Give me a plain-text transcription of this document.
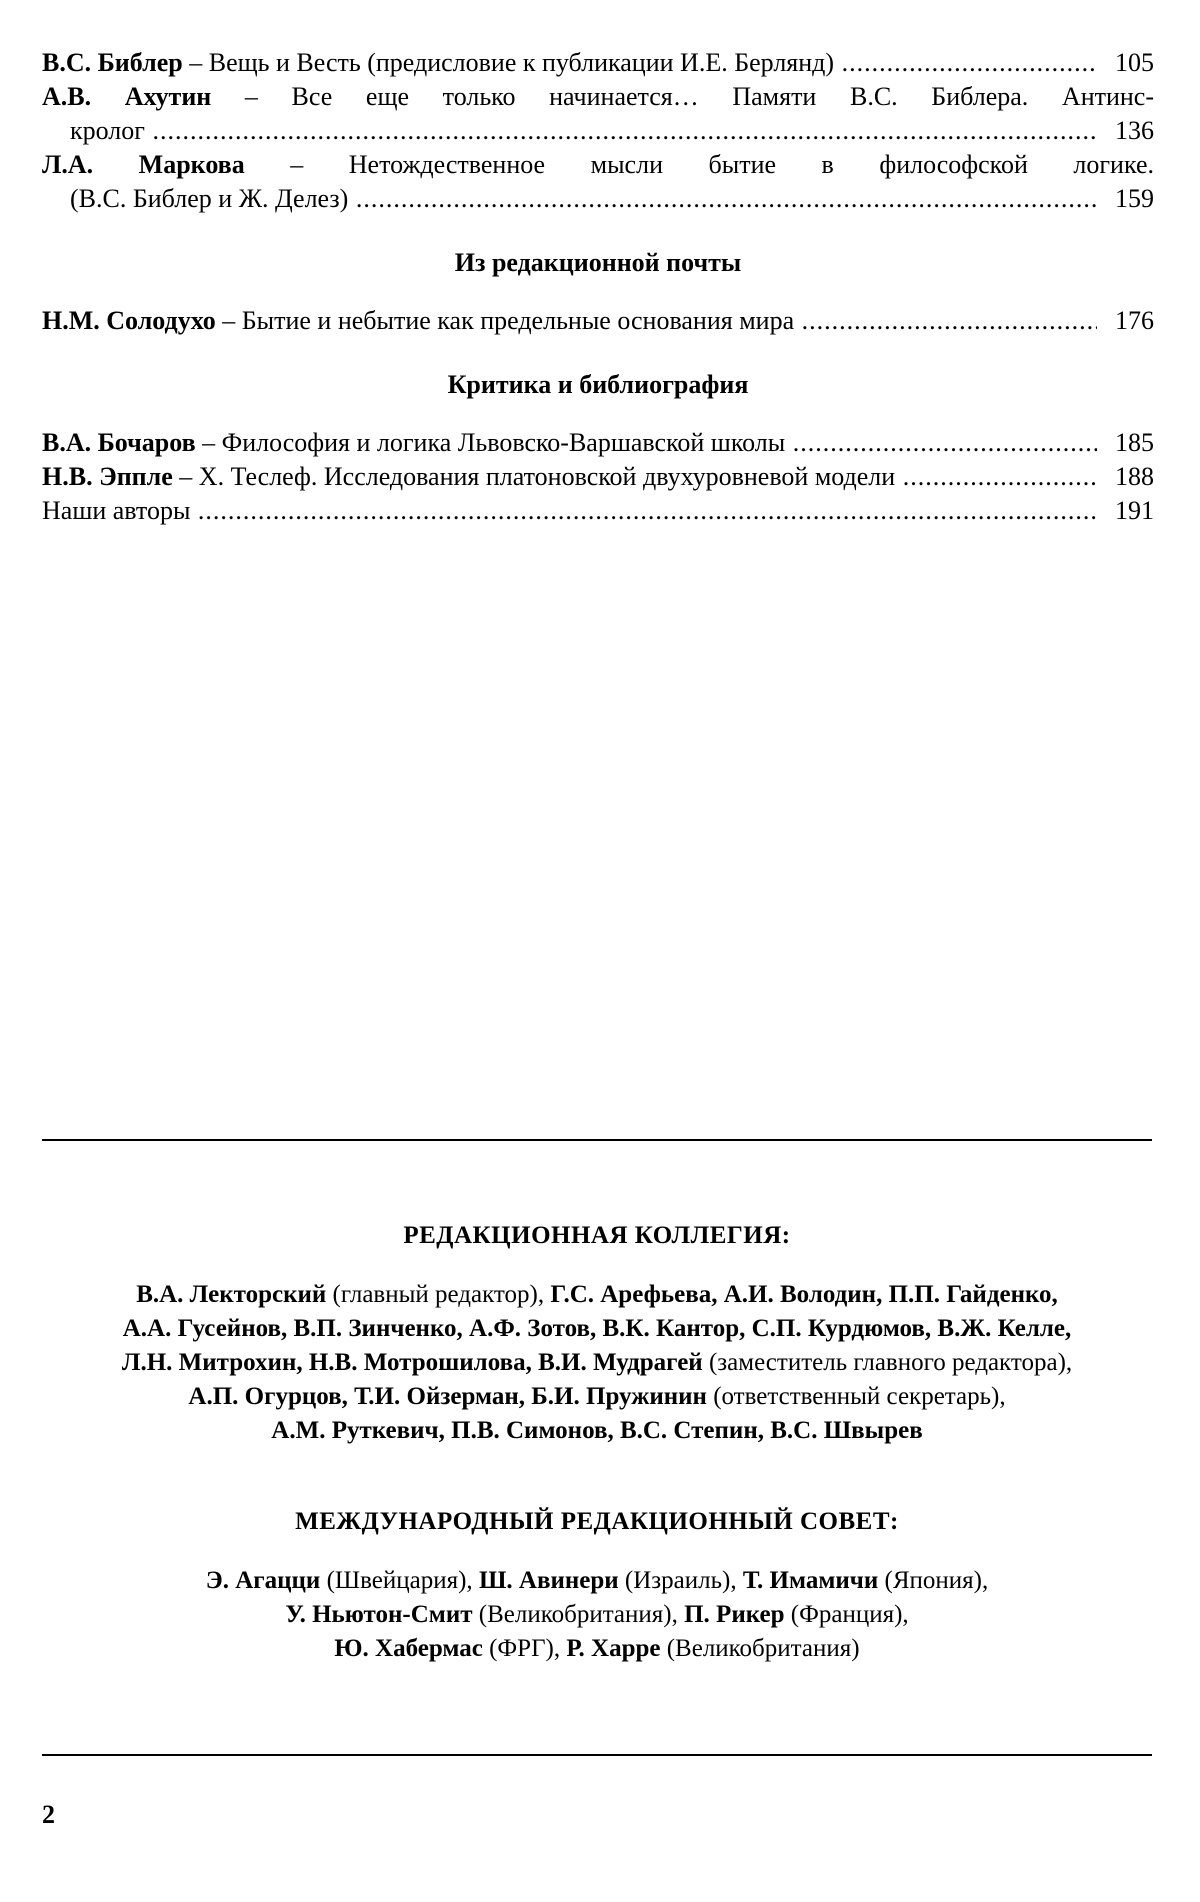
В.С. Библер – Вещь и Весть (предисловие к публикации И.Е. Берлянд) .....	105
А.В. Ахутин – Все еще только начинается… Памяти В.С. Библера. Антинс-
кролог .....	136
Л.А. Маркова – Нетождественное мысли бытие в философской логике.
(В.С. Библер и Ж. Делез) .....	159
Из редакционной почты
Н.М. Солодухо – Бытие и небытие как предельные основания мира .....	176
Критика и библиография
В.А. Бочаров – Философия и логика Львовско-Варшавской школы .....	185
Н.В. Эппле – Х. Теслеф. Исследования платоновской двухуровневой модели .....	188
Наши авторы .....	191
РЕДАКЦИОННАЯ КОЛЛЕГИЯ:

В.А. Лекторский (главный редактор), Г.С. Арефьева, А.И. Володин, П.П. Гайденко,

А.А. Гусейнов, В.П. Зинченко, А.Ф. Зотов, В.К. Кантор, С.П. Курдюмов, В.Ж. Келле,

Л.Н. Митрохин, Н.В. Мотрошилова, В.И. Мудрагей (заместитель главного редактора),

А.П. Огурцов, Т.И. Ойзерман, Б.И. Пружинин (ответственный секретарь),

А.М. Руткевич, П.В. Симонов, В.С. Степин, В.С. Швырев

МЕЖДУНАРОДНЫЙ РЕДАКЦИОННЫЙ СОВЕТ:

Э. Агацци (Швейцария), Ш. Авинери (Израиль), Т. Имамичи (Япония),

У. Ньютон-Смит (Великобритания), П. Рикер (Франция),

Ю. Хабермас (ФРГ), Р. Харре (Великобритания)

2
